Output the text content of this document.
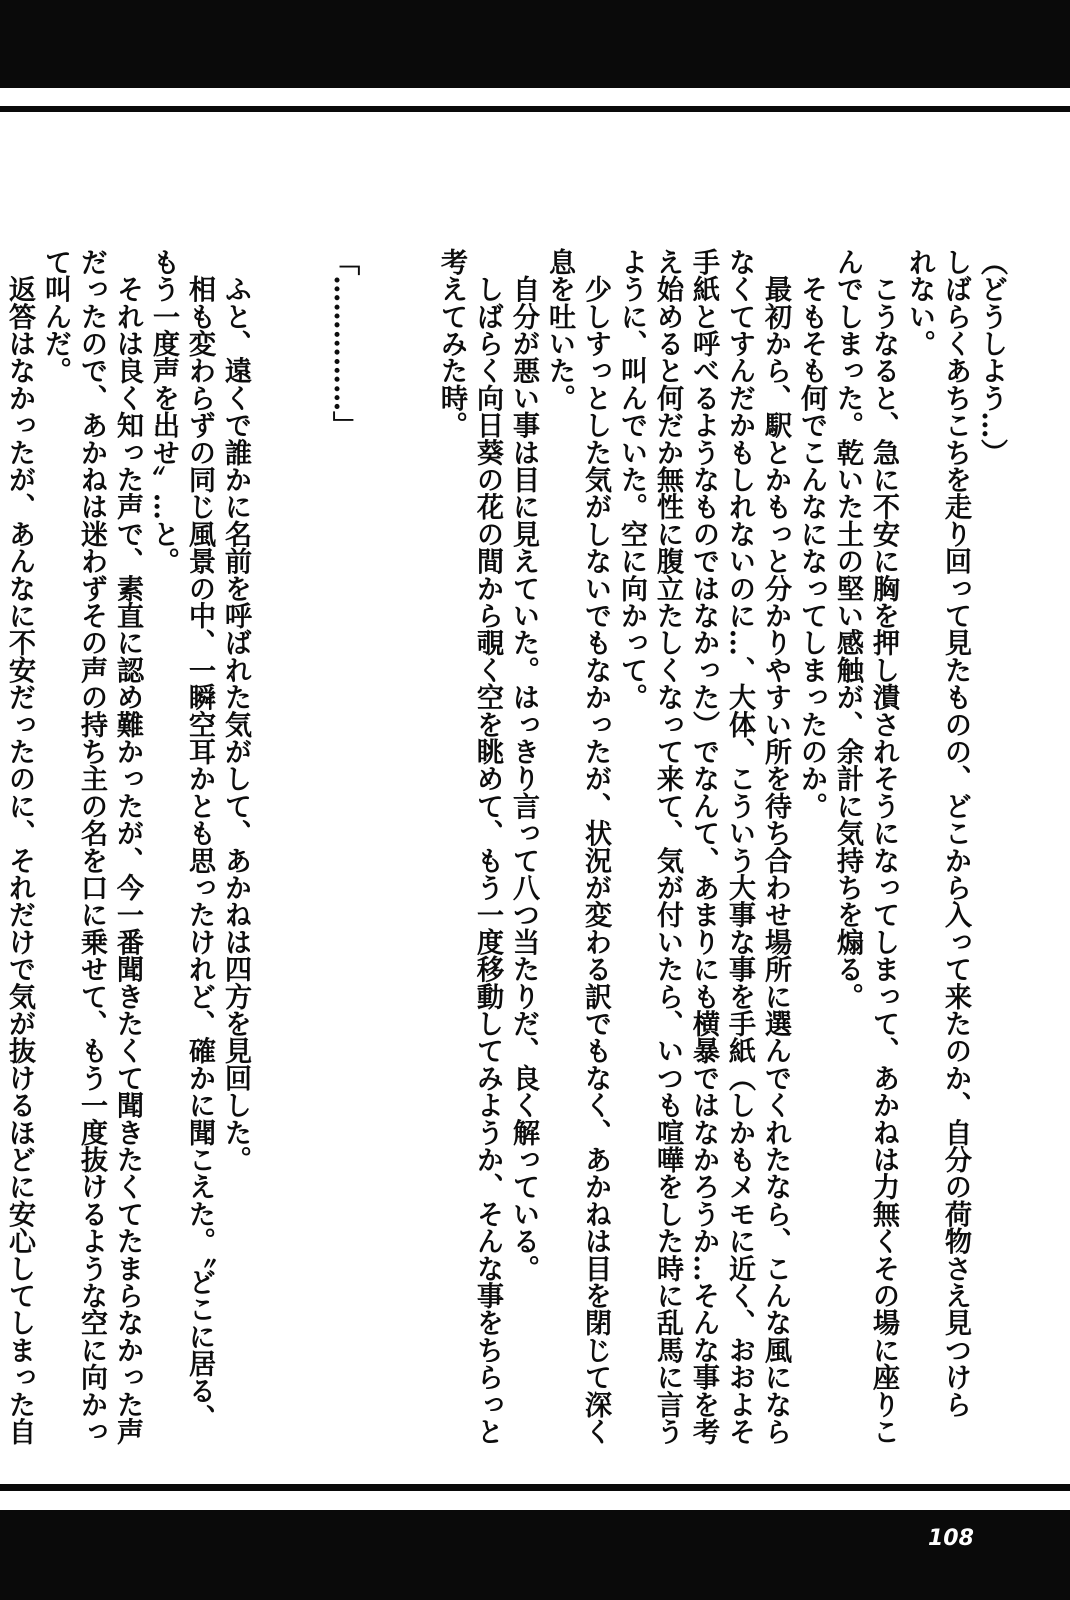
（どうしよう…）

しばらくあちこちを走り回って見たものの、どこから入って来たのか、自分の荷物さえ見つけら

れない。

　こうなると、急に不安に胸を押し潰されそうになってしまって、あかねは力無くその場に座りこ

んでしまった。乾いた土の堅い感触が、余計に気持ちを煽る。

　そもそも何でこんなになってしまったのか。

　最初から、駅とかもっと分かりやすい所を待ち合わせ場所に選んでくれたなら、こんな風になら

なくてすんだかもしれないのに…、大体、こういう大事な事を手紙（しかもメモに近く、おおよそ

手紙と呼べるようなものではなかった）でなんて、あまりにも横暴ではなかろうか…そんな事を考

え始めると何だか無性に腹立たしくなって来て、気が付いたら、いつも喧嘩をした時に乱馬に言う

ように、叫んでいた。空に向かって。

　少しすっとした気がしないでもなかったが、状況が変わる訳でもなく、あかねは目を閉じて深く

息を吐いた。

　自分が悪い事は目に見えていた。はっきり言って八つ当たりだ、良く解っている。

　しばらく向日葵の花の間から覗く空を眺めて、もう一度移動してみようか、そんな事をちらっと

考えてみた時。

「……………」

　ふと、遠くで誰かに名前を呼ばれた気がして、あかねは四方を見回した。

　相も変わらずの同じ風景の中、一瞬空耳かとも思ったけれど、確かに聞こえた。〝どこに居る、

もう一度声を出せ〟…と。

　それは良く知った声で、素直に認め難かったが、今一番聞きたくて聞きたくてたまらなかった声

だったので、あかねは迷わずその声の持ち主の名を口に乗せて、もう一度抜けるような空に向かっ

て叫んだ。

　返答はなかったが、あんなに不安だったのに、それだけで気が抜けるほどに安心してしまった自

108
